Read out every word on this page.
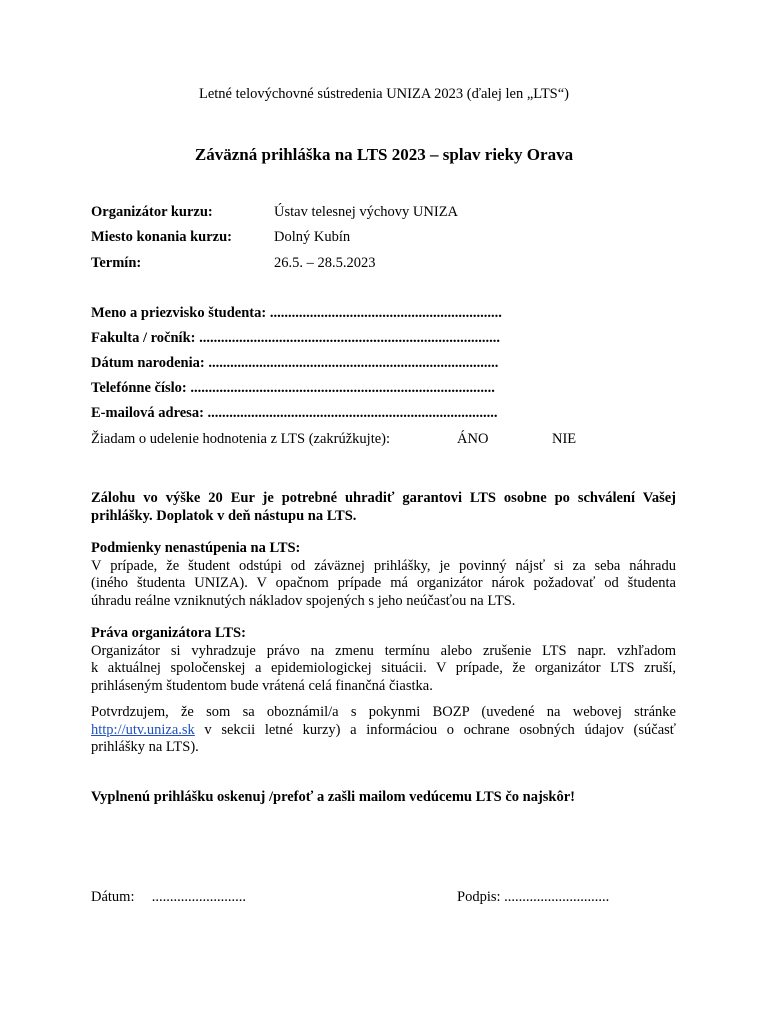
Letné telovýchovné sústredenia UNIZA 2023 (ďalej len „LTS“)
Záväzná prihláška na LTS 2023 – splav rieky Orava
Organizátor kurzu:	Ústav telesnej výchovy UNIZA
Miesto konania kurzu:	Dolný Kubín
Termín:	26.5. – 28.5.2023
Meno a priezvisko študenta: ................................................................
Fakulta / ročník: ...................................................................................
Dátum narodenia: ................................................................................
Telefónne číslo: ....................................................................................
E-mailová adresa: ................................................................................
Žiadam o udelenie hodnotenia z LTS (zakrúžkujte):	ÁNO	NIE
Zálohu vo výške 20 Eur je potrebné uhradiť garantovi LTS osobne po schválení Vašej
prihlášky. Doplatok v deň nástupu na LTS.
Podmienky nenastúpenia na LTS:
V prípade, že študent odstúpi od záväznej prihlášky, je povinný nájsť si za seba náhradu
(iného študenta UNIZA). V opačnom prípade má organizátor nárok požadovať od študenta
úhradu reálne vzniknutých nákladov spojených s jeho neúčasťou na LTS.
Práva organizátora LTS:
Organizátor si vyhradzuje právo na zmenu termínu alebo zrušenie LTS napr. vzhľadom
k aktuálnej spoločenskej a epidemiologickej situácii. V prípade, že organizátor LTS zruší,
prihláseným študentom bude vrátená celá finančná čiastka.
Potvrdzujem, že som sa oboznámil/a s pokynmi BOZP (uvedené na webovej stránke
http://utv.uniza.sk v sekcii letné kurzy) a informáciou o ochrane osobných údajov (súčasť
prihlášky na LTS).
Vyplnenú prihlášku oskenuj /prefoť a zašli mailom vedúcemu LTS čo najskôr!
Dátum: ..........................	Podpis: .............................
